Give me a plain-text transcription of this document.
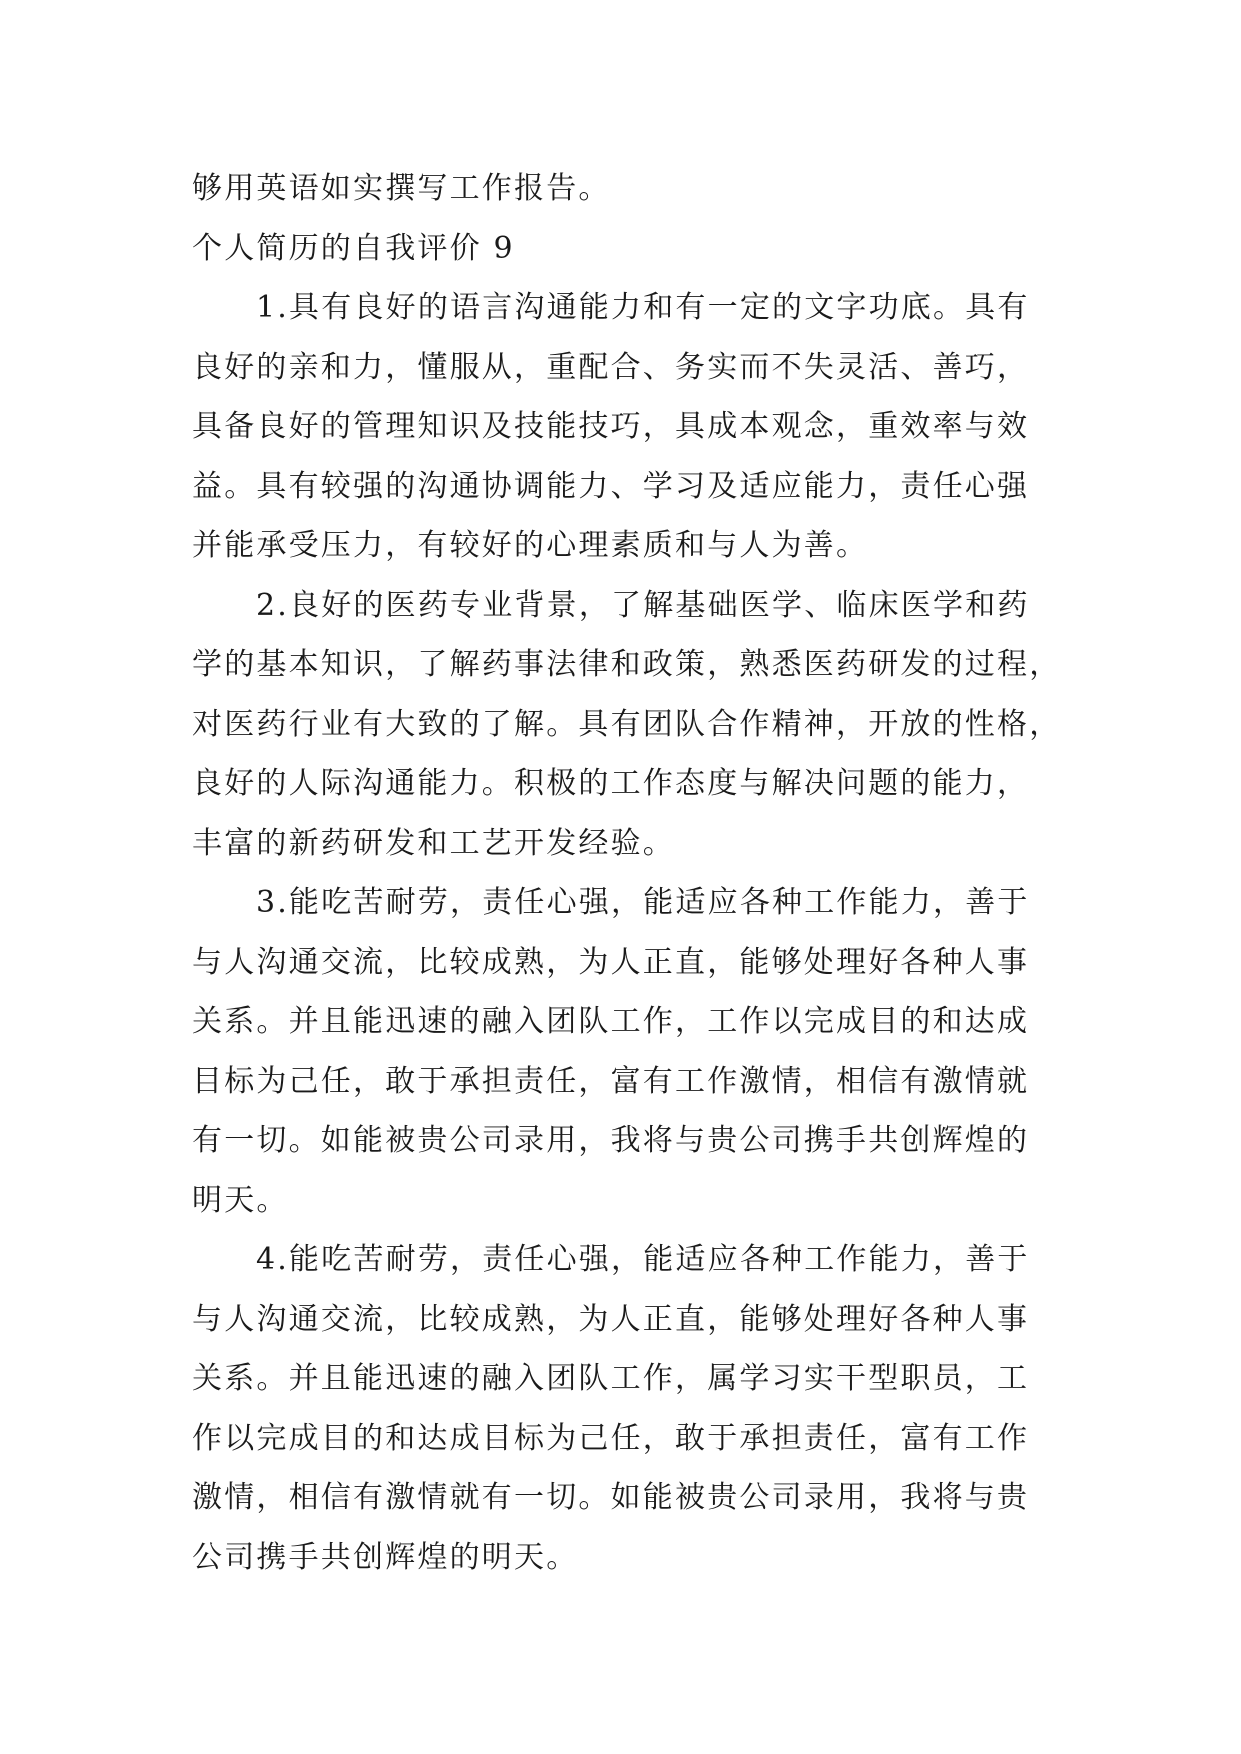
够用英语如实撰写工作报告。

个人简历的自我评价 9

1.具有良好的语言沟通能力和有一定的文字功底。具有

良好的亲和力，懂服从，重配合、务实而不失灵活、善巧，

具备良好的管理知识及技能技巧，具成本观念，重效率与效

益。具有较强的沟通协调能力、学习及适应能力，责任心强

并能承受压力，有较好的心理素质和与人为善。

2.良好的医药专业背景，了解基础医学、临床医学和药

学的基本知识，了解药事法律和政策，熟悉医药研发的过程，

对医药行业有大致的了解。具有团队合作精神，开放的性格，

良好的人际沟通能力。积极的工作态度与解决问题的能力，

丰富的新药研发和工艺开发经验。

3.能吃苦耐劳，责任心强，能适应各种工作能力，善于

与人沟通交流，比较成熟，为人正直，能够处理好各种人事

关系。并且能迅速的融入团队工作，工作以完成目的和达成

目标为己任，敢于承担责任，富有工作激情，相信有激情就

有一切。如能被贵公司录用，我将与贵公司携手共创辉煌的

明天。

4.能吃苦耐劳，责任心强，能适应各种工作能力，善于

与人沟通交流，比较成熟，为人正直，能够处理好各种人事

关系。并且能迅速的融入团队工作，属学习实干型职员，工

作以完成目的和达成目标为己任，敢于承担责任，富有工作

激情，相信有激情就有一切。如能被贵公司录用，我将与贵

公司携手共创辉煌的明天。
